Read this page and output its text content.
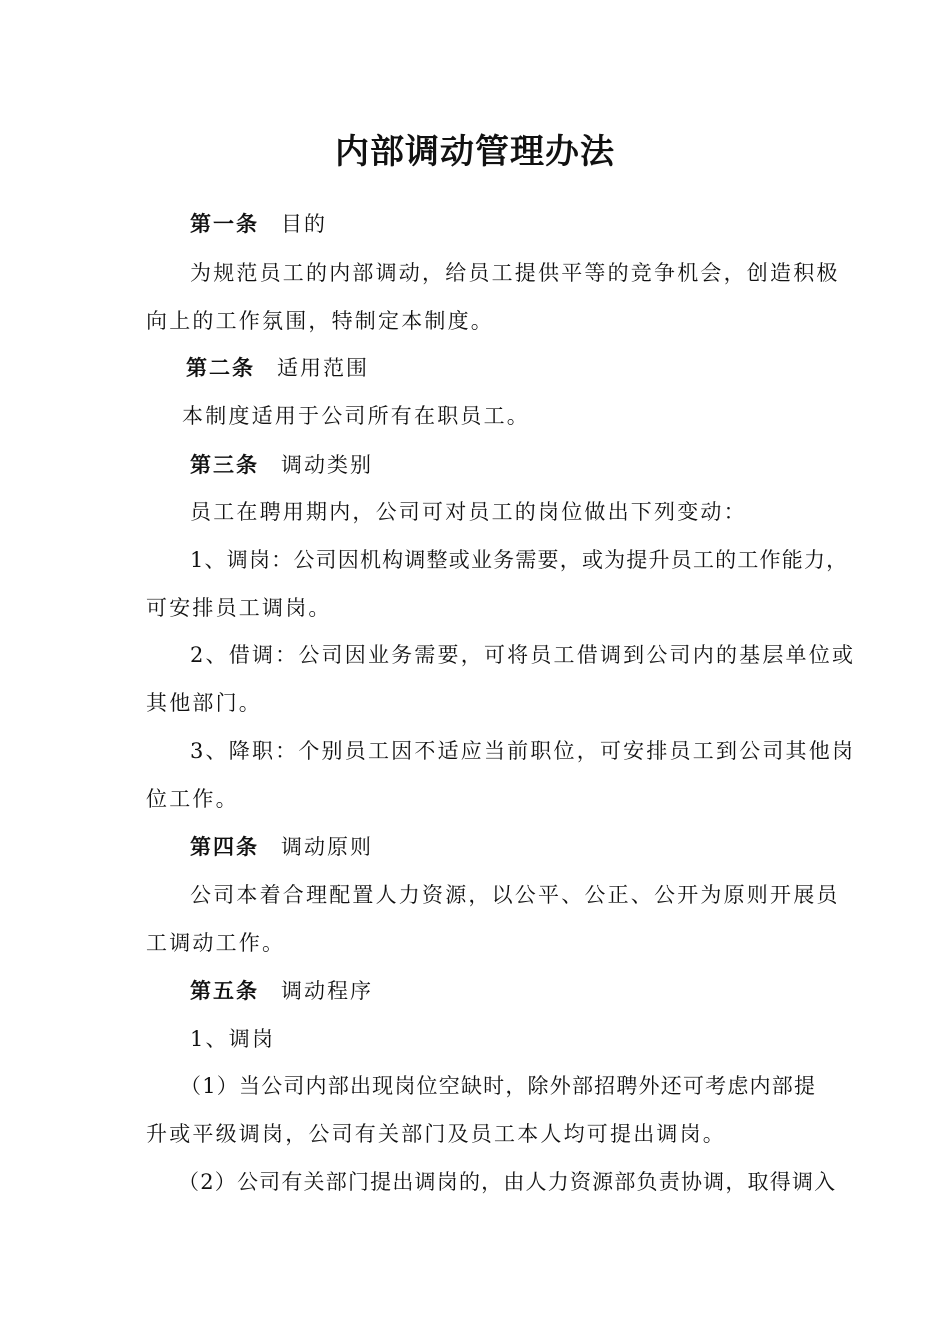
内部调动管理办法
第一条 目的
为规范员工的内部调动，给员工提供平等的竞争机会，创造积极
向上的工作氛围，特制定本制度。
第二条 适用范围
本制度适用于公司所有在职员工。
第三条 调动类别
员工在聘用期内，公司可对员工的岗位做出下列变动：
1、调岗：公司因机构调整或业务需要，或为提升员工的工作能力，
可安排员工调岗。
2、借调：公司因业务需要，可将员工借调到公司内的基层单位或
其他部门。
3、降职：个别员工因不适应当前职位，可安排员工到公司其他岗
位工作。
第四条 调动原则
公司本着合理配置人力资源，以公平、公正、公开为原则开展员
工调动工作。
第五条 调动程序
1、调岗
（1）当公司内部出现岗位空缺时，除外部招聘外还可考虑内部提
升或平级调岗，公司有关部门及员工本人均可提出调岗。
（2）公司有关部门提出调岗的，由人力资源部负责协调，取得调入
